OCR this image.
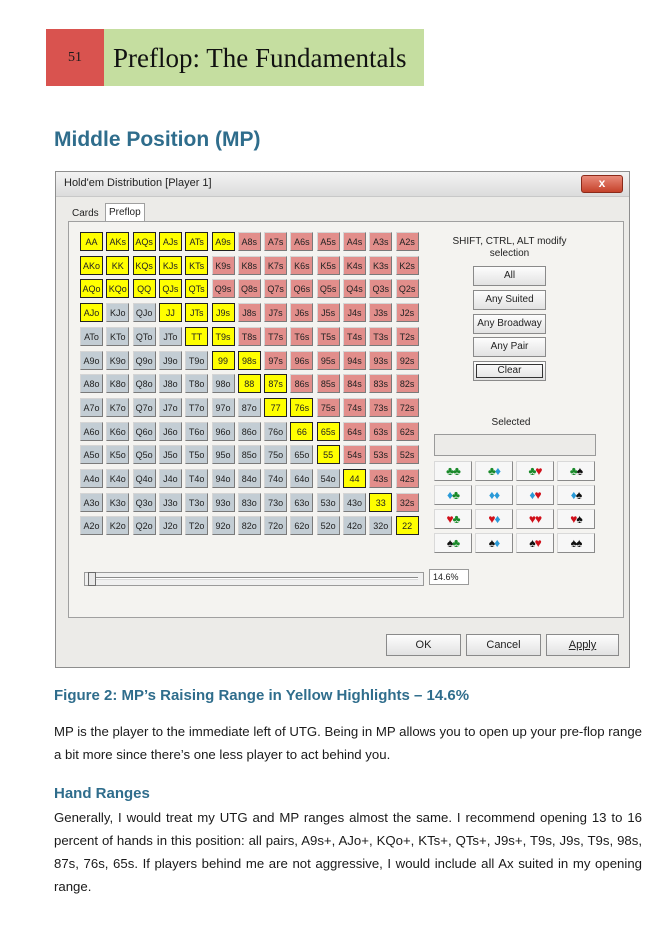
51	Preflop: The Fundamentals
Middle Position (MP)
Hold'em Distribution [Player 1]	x
Cards	Preflop
AA	AKs	AQs	AJs	ATs	A9s	A8s	A7s	A6s	A5s	A4s	A3s	A2s
AKo	KK	KQs	KJs	KTs	K9s	K8s	K7s	K6s	K5s	K4s	K3s	K2s
AQo KQo	QQ	QJs	QTs	Q9s	Q8s	Q7s	Q6s	Q5s	Q4s	Q3s	Q2s
AJo	KJo	QJo	JJ	JTs	J9s	J8s	J7s	J6s	J5s	J4s	J3s	J2s
ATo	KTo	QTo	JTo	TT	T9s	T8s	T7s	T6s	T5s	T4s	T3s	T2s
A9o	K9o	Q9o	J9o	T9o	99	98s	97s	96s	95s	94s	93s	92s
A8o	K8o	Q8o	J8o	T8o	98o	88	87s	86s	85s	84s	83s	82s
A7o	K7o	Q7o	J7o	T7o	97o	87o	77	76s	75s	74s	73s	72s
A6o	K6o	Q6o	J6o	T6o	96o	86o	76o	66	65s	64s	63s	62s
A5o	K5o	Q5o	J5o	T5o	95o	85o	75o	65o	55	54s	53s	52s
A4o	K4o	Q4o	J4o	T4o	94o	84o	74o	64o	54o	44	43s	42s
A3o	K3o	Q3o	J3o	T3o	93o	83o	73o	63o	53o	43o	33	32s
A2o	K2o	Q2o	J2o	T2o	92o	82o	72o	62o	52o	42o	32o	22
SHIFT, CTRL, ALT modify selection
All
Any Suited
Any Broadway
Any Pair
Clear
Selected
♣♣	♣♦	♣♥	♣♠
♦♣	♦♦	♦♥	♦♠
♥♣	♥♦	♥♥	♥♠
♠♣	♠♦	♠♥	♠♠
14.6%
OK	Cancel	Apply
Figure 2: MP’s Raising Range in Yellow Highlights – 14.6%
MP is the player to the immediate left of UTG. Being in MP allows you to open up your pre-flop range a bit more since there’s one less player to act behind you.
Hand Ranges
Generally, I would treat my UTG and MP ranges almost the same. I recommend opening 13 to 16 percent of hands in this position: all pairs, A9s+, AJo+, KQo+, KTs+, QTs+, J9s+, T9s, J9s, T9s, 98s, 87s, 76s, 65s. If players behind me are not aggressive, I would include all Ax suited in my opening range.
